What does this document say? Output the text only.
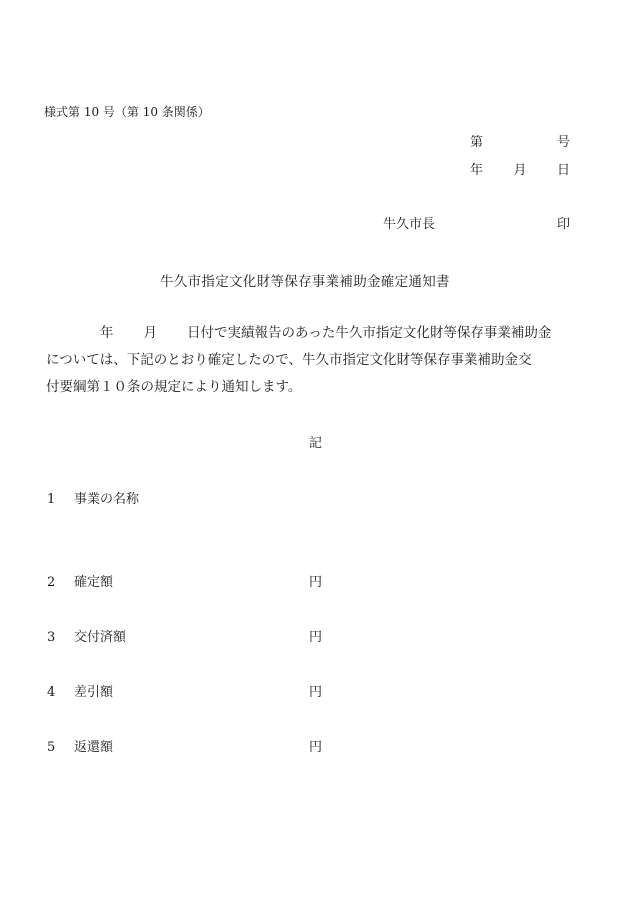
様式第 10 号（第 10 条関係）
第	号
年 月 日
牛久市長	印
牛久市指定文化財等保存事業補助金確定通知書
年 月 日付で実績報告のあった牛久市指定文化財等保存事業補助金
については、下記のとおり確定したので、牛久市指定文化財等保存事業補助金交
付要綱第１０条の規定により通知します。
記
1 事業の名称
2 確定額	円
3 交付済額	円
4 差引額	円
5 返還額	円
